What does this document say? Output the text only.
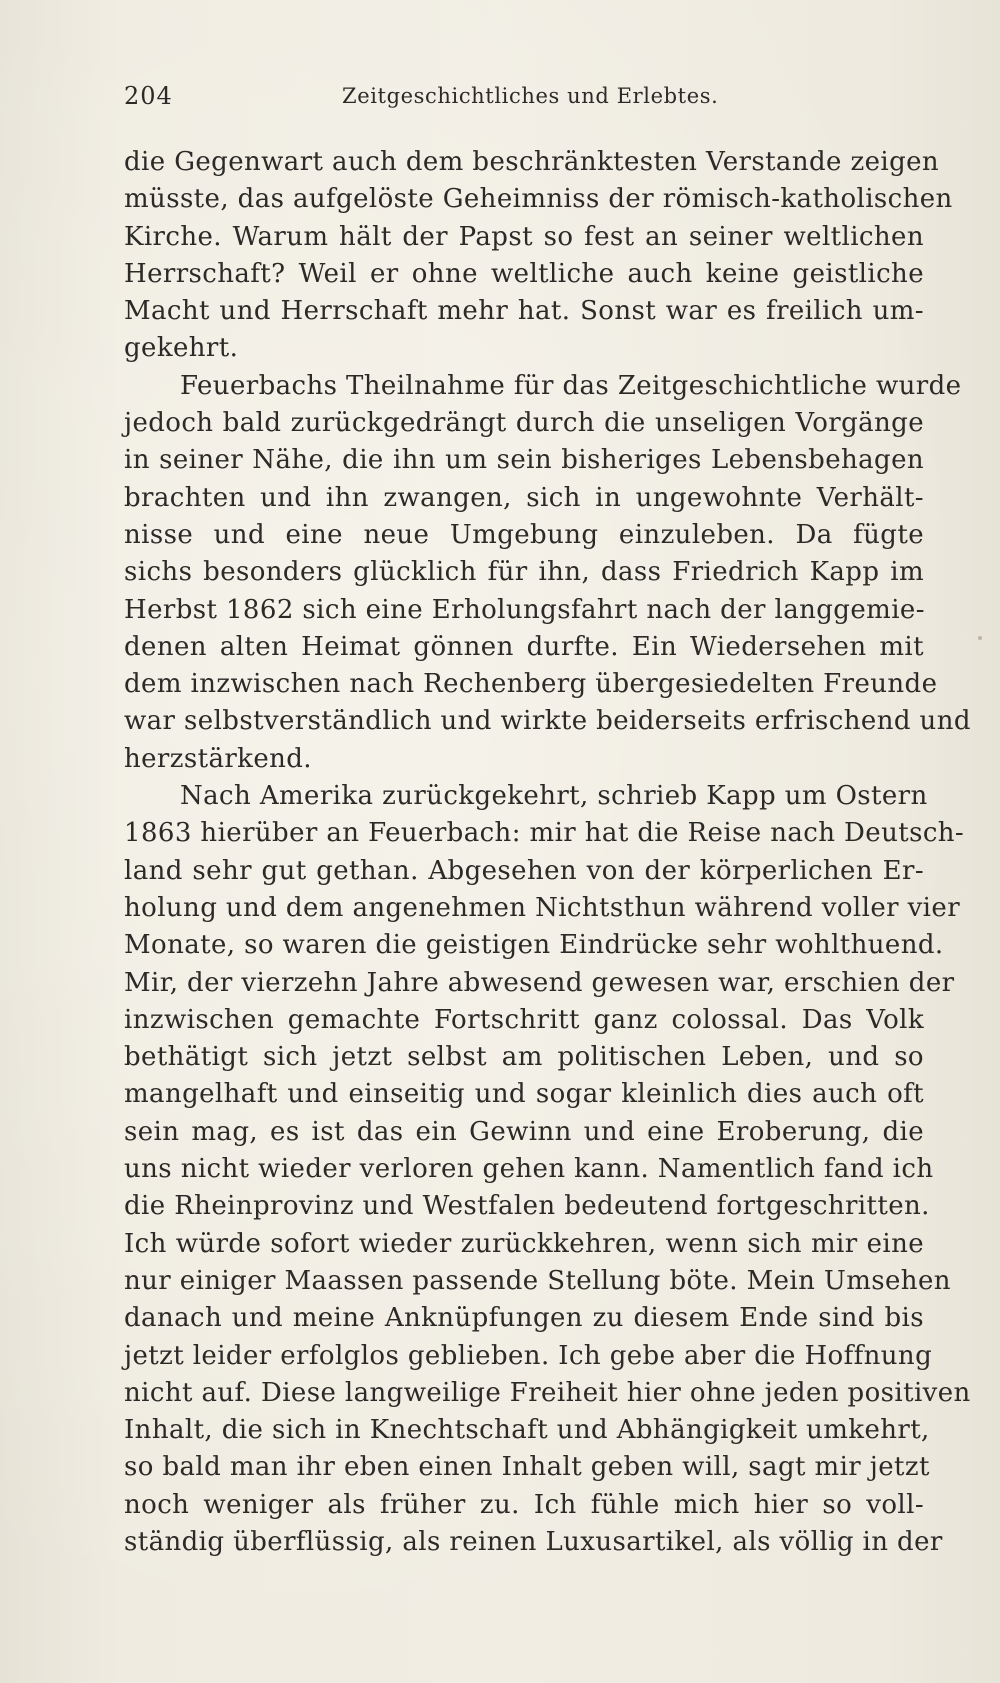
204	Zeitgeschichtliches und Erlebtes.
die Gegenwart auch dem beschränktesten Verstande zeigen
müsste, das aufgelöste Geheimniss der römisch-katholischen
Kirche. Warum hält der Papst so fest an seiner weltlichen
Herrschaft? Weil er ohne weltliche auch keine geistliche
Macht und Herrschaft mehr hat. Sonst war es freilich um-
gekehrt.
Feuerbachs Theilnahme für das Zeitgeschichtliche wurde
jedoch bald zurückgedrängt durch die unseligen Vorgänge
in seiner Nähe, die ihn um sein bisheriges Lebensbehagen
brachten und ihn zwangen, sich in ungewohnte Verhält-
nisse und eine neue Umgebung einzuleben. Da fügte
sichs besonders glücklich für ihn, dass Friedrich Kapp im
Herbst 1862 sich eine Erholungsfahrt nach der langgemie-
denen alten Heimat gönnen durfte. Ein Wiedersehen mit
dem inzwischen nach Rechenberg übergesiedelten Freunde
war selbstverständlich und wirkte beiderseits erfrischend und
herzstärkend.
Nach Amerika zurückgekehrt, schrieb Kapp um Ostern
1863 hierüber an Feuerbach: mir hat die Reise nach Deutsch-
land sehr gut gethan. Abgesehen von der körperlichen Er-
holung und dem angenehmen Nichtsthun während voller vier
Monate, so waren die geistigen Eindrücke sehr wohlthuend.
Mir, der vierzehn Jahre abwesend gewesen war, erschien der
inzwischen gemachte Fortschritt ganz colossal. Das Volk
bethätigt sich jetzt selbst am politischen Leben, und so
mangelhaft und einseitig und sogar kleinlich dies auch oft
sein mag, es ist das ein Gewinn und eine Eroberung, die
uns nicht wieder verloren gehen kann. Namentlich fand ich
die Rheinprovinz und Westfalen bedeutend fortgeschritten.
Ich würde sofort wieder zurückkehren, wenn sich mir eine
nur einiger Maassen passende Stellung böte. Mein Umsehen
danach und meine Anknüpfungen zu diesem Ende sind bis
jetzt leider erfolglos geblieben. Ich gebe aber die Hoffnung
nicht auf. Diese langweilige Freiheit hier ohne jeden positiven
Inhalt, die sich in Knechtschaft und Abhängigkeit umkehrt,
so bald man ihr eben einen Inhalt geben will, sagt mir jetzt
noch weniger als früher zu. Ich fühle mich hier so voll-
ständig überflüssig, als reinen Luxusartikel, als völlig in der
